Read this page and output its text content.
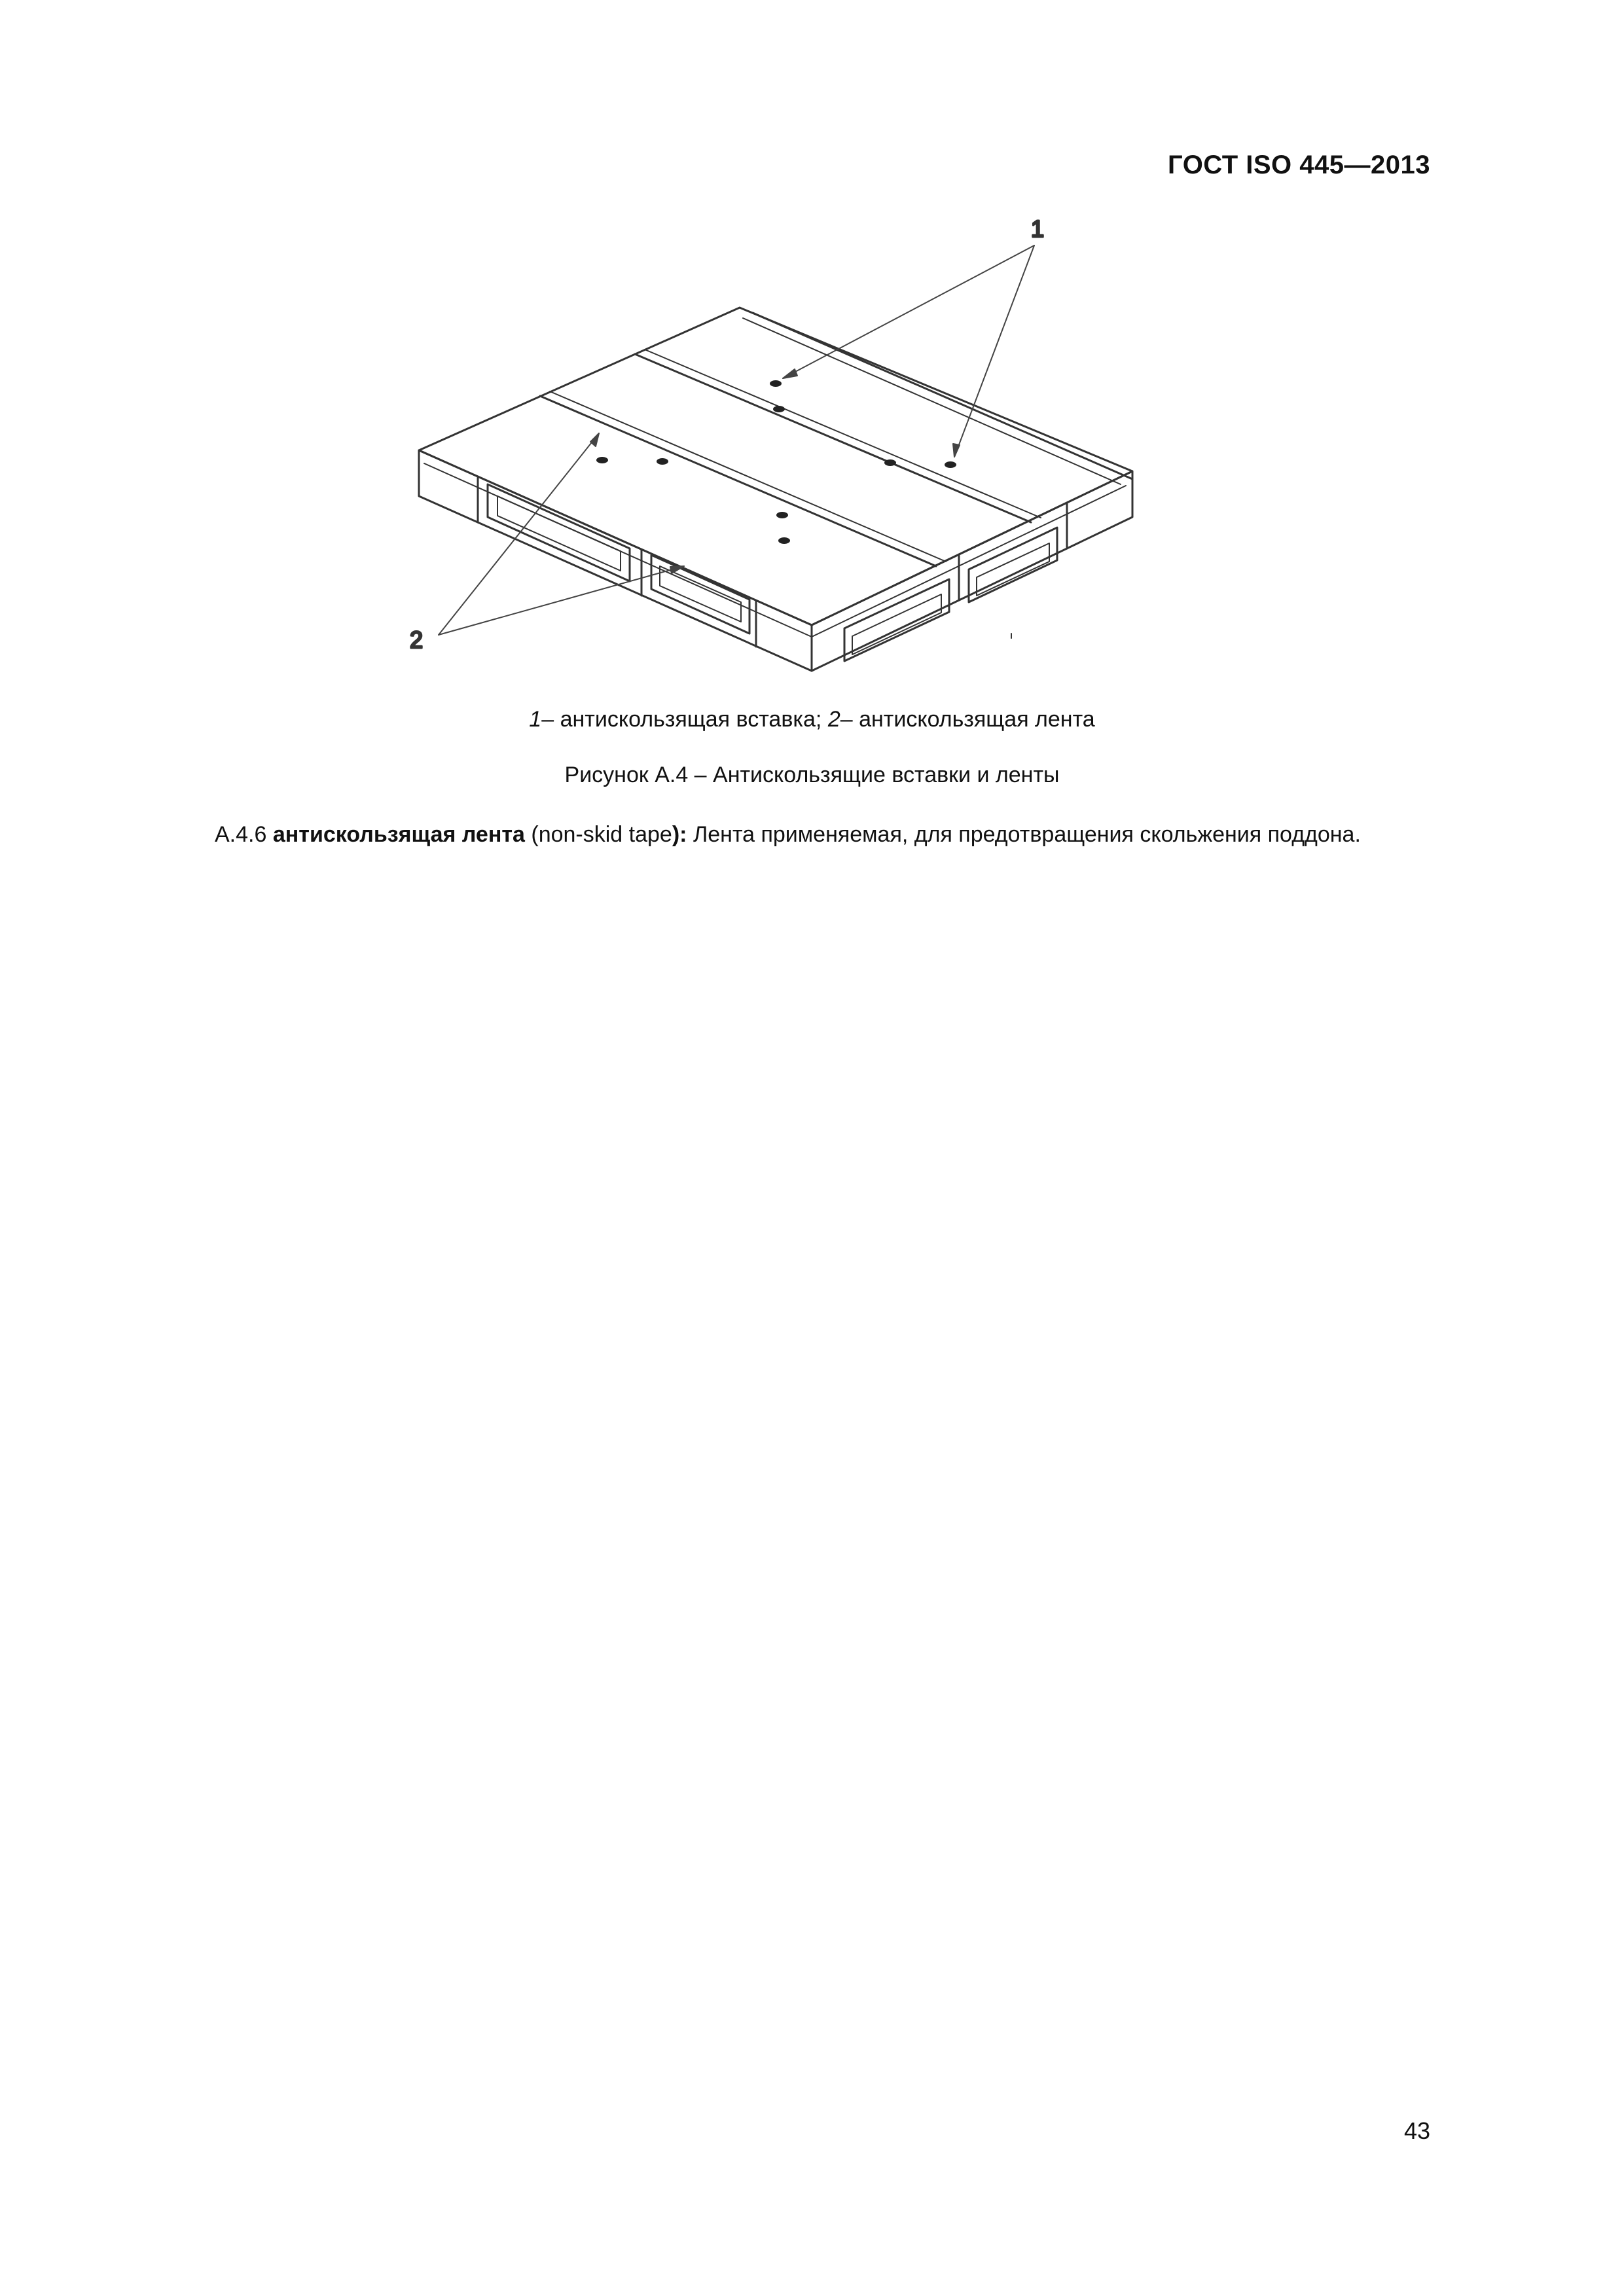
ГОСТ ISO 445—2013
1
2
1– антискользящая вставка; 2– антискользящая лента
Рисунок А.4 – Антискользящие вставки и ленты
А.4.6 антискользящая лента (non-skid tape): Лента применяемая, для предотвращения скольжения поддона.
43
